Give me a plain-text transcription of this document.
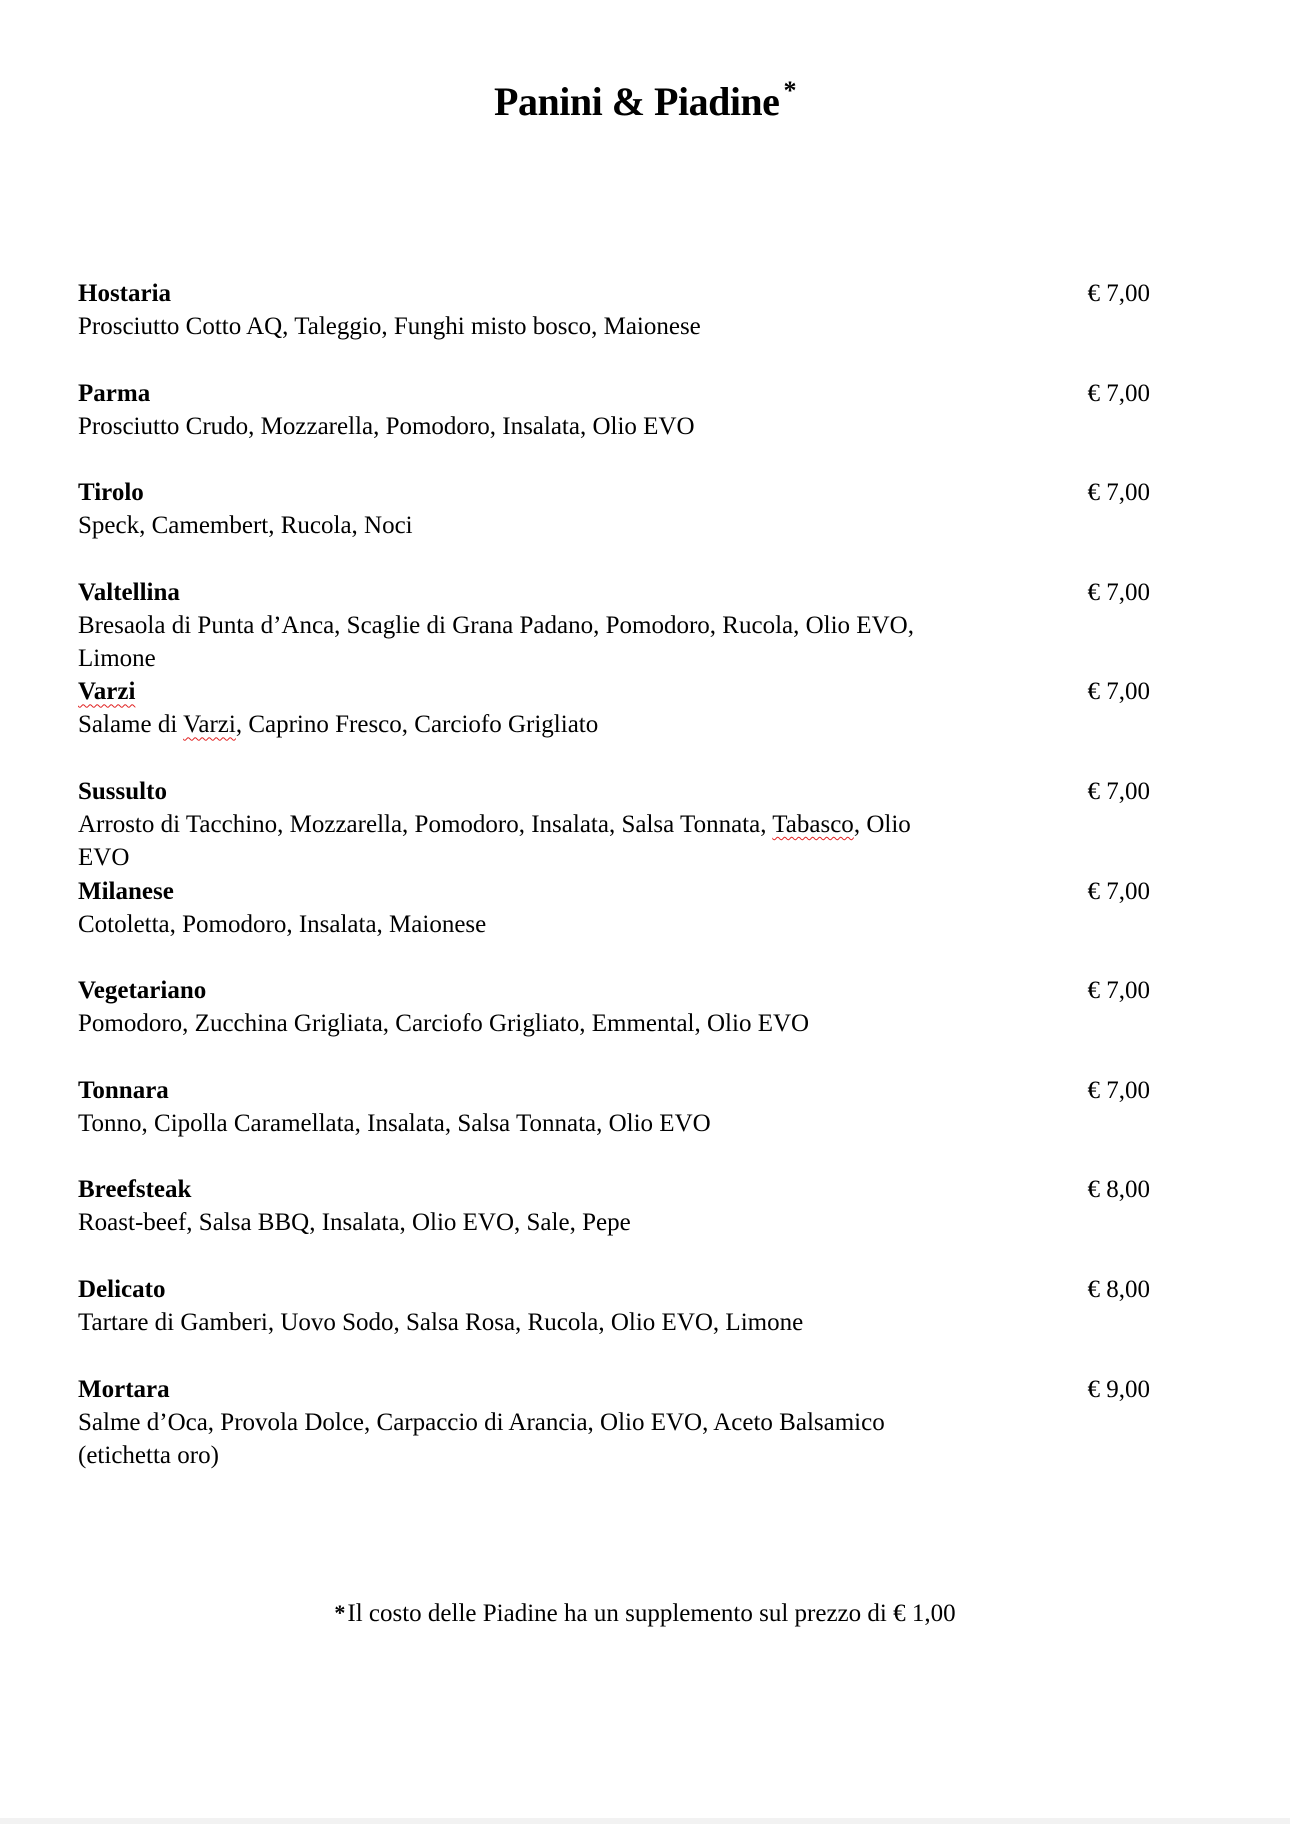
Panini & Piadine *
Hostaria
Prosciutto Cotto AQ, Taleggio, Funghi misto bosco, Maionese
€ 7,00
Parma
Prosciutto Crudo, Mozzarella, Pomodoro, Insalata, Olio EVO
€ 7,00
Tirolo
Speck, Camembert, Rucola, Noci
€ 7,00
Valtellina
Bresaola di Punta d’Anca, Scaglie di Grana Padano, Pomodoro, Rucola, Olio EVO, Limone
€ 7,00
Varzi
Salame di Varzi, Caprino Fresco, Carciofo Grigliato
€ 7,00
Sussulto
Arrosto di Tacchino, Mozzarella, Pomodoro, Insalata, Salsa Tonnata, Tabasco, Olio EVO
€ 7,00
Milanese
Cotoletta, Pomodoro, Insalata, Maionese
€ 7,00
Vegetariano
Pomodoro, Zucchina Grigliata, Carciofo Grigliato, Emmental, Olio EVO
€ 7,00
Tonnara
Tonno, Cipolla Caramellata, Insalata, Salsa Tonnata, Olio EVO
€ 7,00
Breefsteak
Roast-beef, Salsa BBQ, Insalata, Olio EVO, Sale, Pepe
€ 8,00
Delicato
Tartare di Gamberi, Uovo Sodo, Salsa Rosa, Rucola, Olio EVO, Limone
€ 8,00
Mortara
Salme d’Oca, Provola Dolce, Carpaccio di Arancia, Olio EVO, Aceto Balsamico (etichetta oro)
€ 9,00
*Il costo delle Piadine ha un supplemento sul prezzo di € 1,00
